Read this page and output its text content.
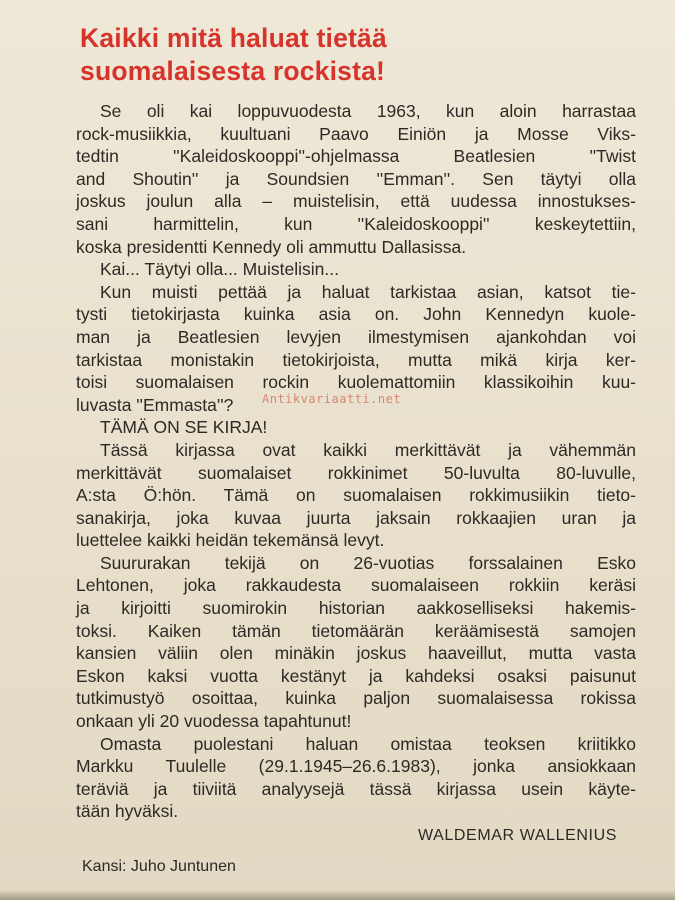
Kaikki mitä haluat tietää
suomalaisesta rockista!
Se oli kai loppuvuodesta 1963, kun aloin harrastaa
rock-musiikkia, kuultuani Paavo Einiön ja Mosse Viks-
tedtin ''Kaleidoskooppi''-ohjelmassa Beatlesien ''Twist
and Shoutin'' ja Soundsien ''Emman''. Sen täytyi olla
joskus joulun alla – muistelisin, että uudessa innostukses-
sani harmittelin, kun ''Kaleidoskooppi'' keskeytettiin,
koska presidentti Kennedy oli ammuttu Dallasissa.
Kai... Täytyi olla... Muistelisin...
Kun muisti pettää ja haluat tarkistaa asian, katsot tie-
tysti tietokirjasta kuinka asia on. John Kennedyn kuole-
man ja Beatlesien levyjen ilmestymisen ajankohdan voi
tarkistaa monistakin tietokirjoista, mutta mikä kirja ker-
toisi suomalaisen rockin kuolemattomiin klassikoihin kuu-
luvasta ''Emmasta''?
TÄMÄ ON SE KIRJA!
Tässä kirjassa ovat kaikki merkittävät ja vähemmän
merkittävät suomalaiset rokkinimet 50-luvulta 80-luvulle,
A:sta Ö:hön. Tämä on suomalaisen rokkimusiikin tieto-
sanakirja, joka kuvaa juurta jaksain rokkaajien uran ja
luettelee kaikki heidän tekemänsä levyt.
Suururakan tekijä on 26-vuotias forssalainen Esko
Lehtonen, joka rakkaudesta suomalaiseen rokkiin keräsi
ja kirjoitti suomirokin historian aakkoselliseksi hakemis-
toksi. Kaiken tämän tietomäärän keräämisestä samojen
kansien väliin olen minäkin joskus haaveillut, mutta vasta
Eskon kaksi vuotta kestänyt ja kahdeksi osaksi paisunut
tutkimustyö osoittaa, kuinka paljon suomalaisessa rokissa
onkaan yli 20 vuodessa tapahtunut!
Omasta puolestani haluan omistaa teoksen kriitikko
Markku Tuulelle (29.1.1945–26.6.1983), jonka ansiokkaan
teräviä ja tiiviitä analyysejä tässä kirjassa usein käyte-
tään hyväksi.
WALDEMAR WALLENIUS
Kansi: Juho Juntunen
Antikvariaatti.net
